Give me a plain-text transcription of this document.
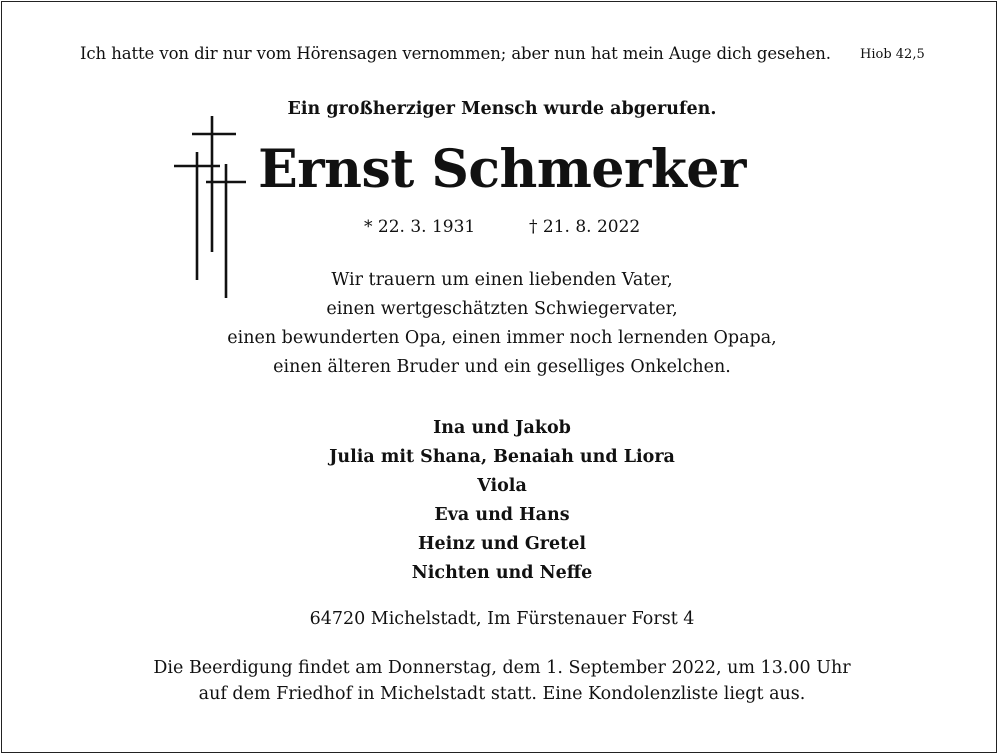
Ich hatte von dir nur vom Hörensagen vernommen; aber nun hat mein Auge dich gesehen. Hiob 42,5
Ein großherziger Mensch wurde abgerufen.
Ernst Schmerker
* 22. 3. 1931	† 21. 8. 2022
Wir trauern um einen liebenden Vater,
einen wertgeschätzten Schwiegervater,
einen bewunderten Opa, einen immer noch lernenden Opapa,
einen älteren Bruder und ein geselliges Onkelchen.
Ina und Jakob
Julia mit Shana, Benaiah und Liora
Viola
Eva und Hans
Heinz und Gretel
Nichten und Neffe
64720 Michelstadt, Im Fürstenauer Forst 4
Die Beerdigung findet am Donnerstag, dem 1. September 2022, um 13.00 Uhr
auf dem Friedhof in Michelstadt statt. Eine Kondolenzliste liegt aus.
